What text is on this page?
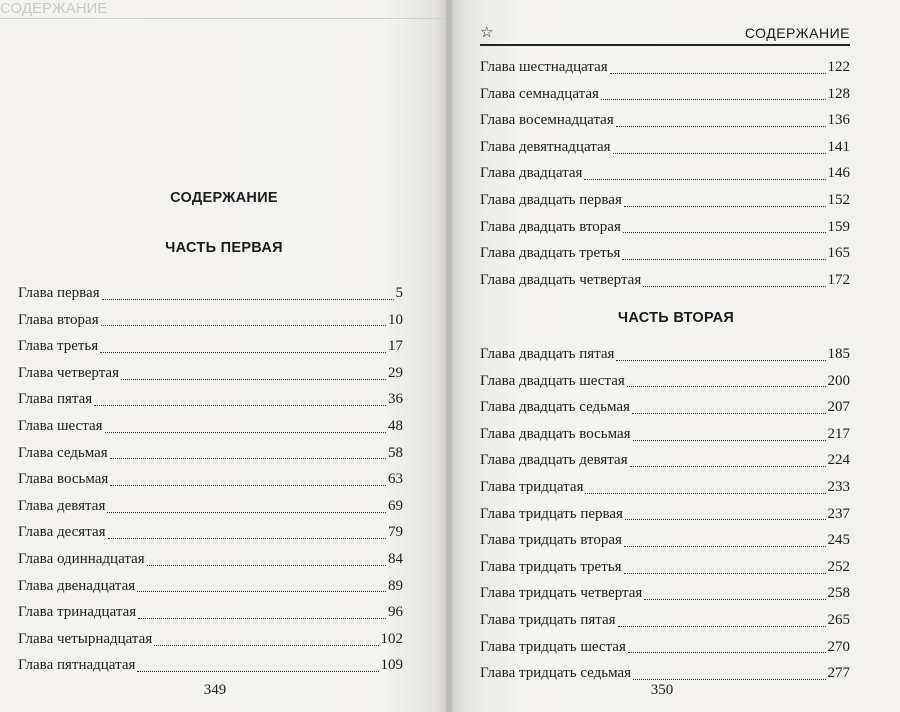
СОДЕРЖАНИЕ
СОДЕРЖАНИЕ
ЧАСТЬ ПЕРВАЯ
Глава первая	5
Глава вторая	10
Глава третья	17
Глава четвертая	29
Глава пятая	36
Глава шестая	48
Глава седьмая	58
Глава восьмая	63
Глава девятая	69
Глава десятая	79
Глава одиннадцатая	84
Глава двенадцатая	89
Глава тринадцатая	96
Глава четырнадцатая	102
Глава пятнадцатая	109
349
☆	СОДЕРЖАНИЕ
Глава шестнадцатая	122
Глава семнадцатая	128
Глава восемнадцатая	136
Глава девятнадцатая	141
Глава двадцатая	146
Глава двадцать первая	152
Глава двадцать вторая	159
Глава двадцать третья	165
Глава двадцать четвертая	172
ЧАСТЬ ВТОРАЯ
Глава двадцать пятая	185
Глава двадцать шестая	200
Глава двадцать седьмая	207
Глава двадцать восьмая	217
Глава двадцать девятая	224
Глава тридцатая	233
Глава тридцать первая	237
Глава тридцать вторая	245
Глава тридцать третья	252
Глава тридцать четвертая	258
Глава тридцать пятая	265
Глава тридцать шестая	270
Глава тридцать седьмая	277
350
